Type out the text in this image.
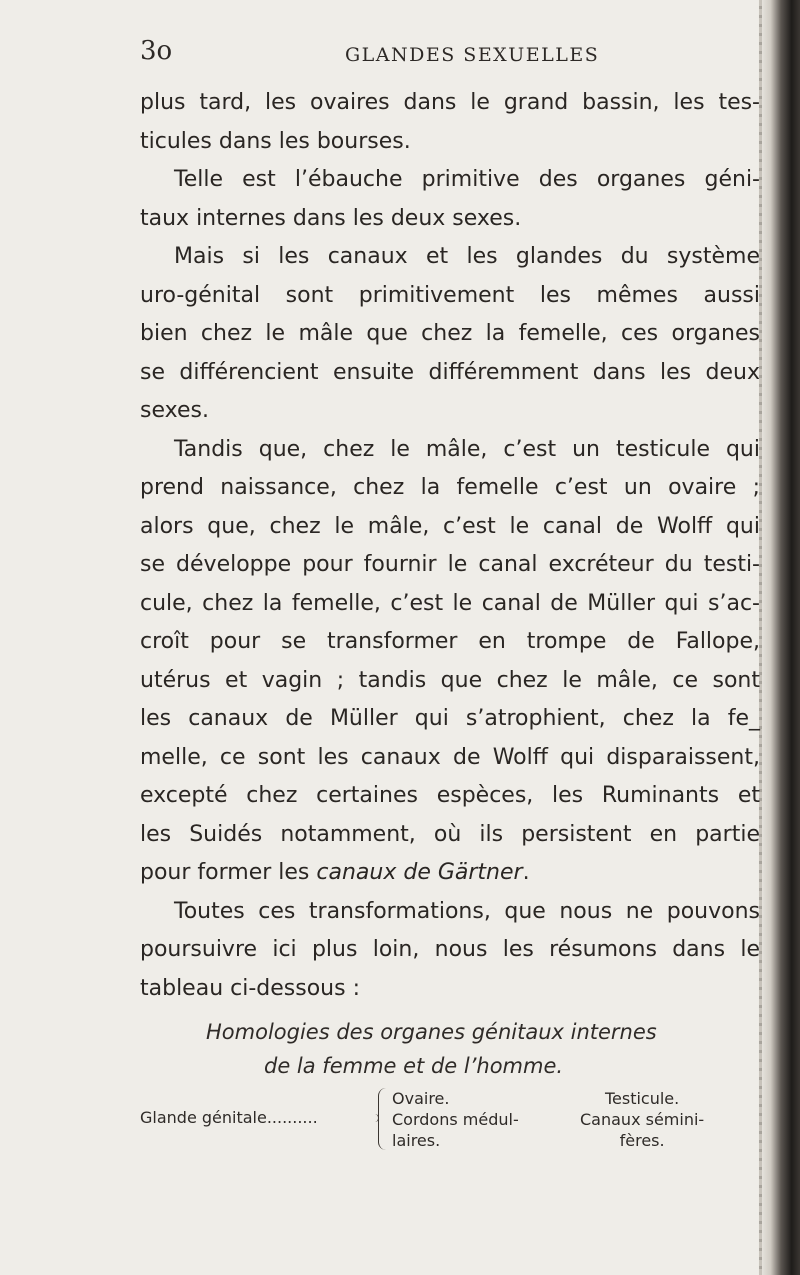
3o	GLANDES SEXUELLES
plus tard, les ovaires dans le grand bassin, les tes-
ticules dans les bourses.
Telle est l’ébauche primitive des organes géni-
taux internes dans les deux sexes.
Mais si les canaux et les glandes du système
uro-génital sont primitivement les mêmes aussi
bien chez le mâle que chez la femelle, ces organes
se différencient ensuite différemment dans les deux
sexes.
Tandis que, chez le mâle, c’est un testicule qui
prend naissance, chez la femelle c’est un ovaire ;
alors que, chez le mâle, c’est le canal de Wolff qui
se développe pour fournir le canal excréteur du testi-
cule, chez la femelle, c’est le canal de Müller qui s’ac-
croît pour se transformer en trompe de Fallope,
utérus et vagin ; tandis que chez le mâle, ce sont
les canaux de Müller qui s’atrophient, chez la fe_
melle, ce sont les canaux de Wolff qui disparaissent,
excepté chez certaines espèces, les Ruminants et
les Suidés notamment, où ils persistent en partie
pour former les canaux de Gärtner.
Toutes ces transformations, que nous ne pouvons
poursuivre ici plus loin, nous les résumons dans le
tableau ci-dessous :
Homologies des organes génitaux internes
de la femme et de l’homme.
Glande génitale..........
Ovaire.
Cordons médul-
laires.
Testicule.
Canaux sémini-
fères.
